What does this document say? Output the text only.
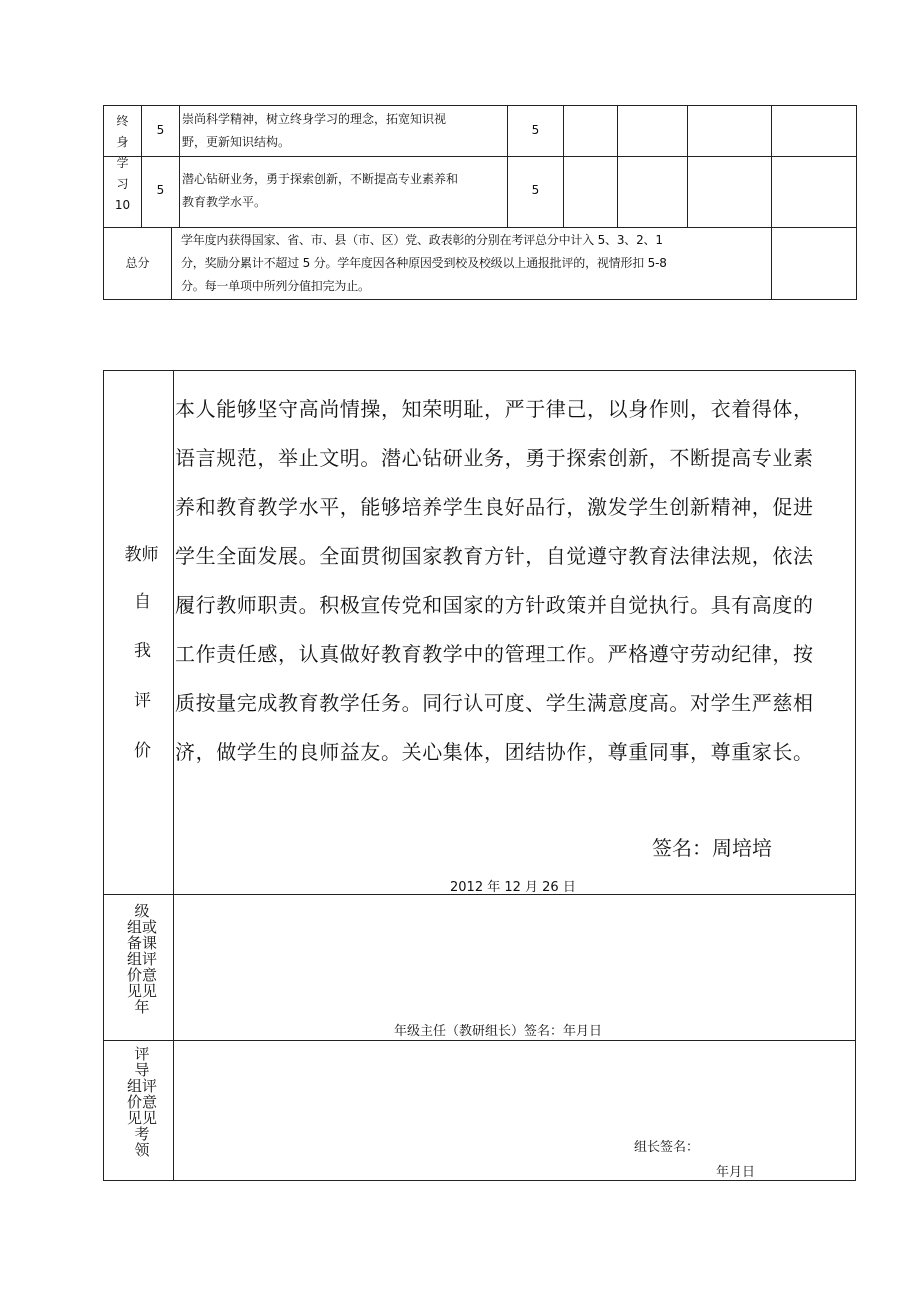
终
身
学
习
10
5
崇尚科学精神，树立终身学习的理念，拓宽知识视
野，更新知识结构。
5
5
潜心钻研业务，勇于探索创新，不断提高专业素养和
教育教学水平。
5
总分
学年度内获得国家、省、市、县（市、区）党、政表彰的分别在考评总分中计入 5、3、2、1
分，奖励分累计不超过 5 分。学年度因各种原因受到校及校级以上通报批评的，视情形扣 5-8
分。每一单项中所列分值扣完为止。
教师
自
我
评
价
本人能够坚守高尚情操，知荣明耻，严于律己，以身作则，衣着得体，
语言规范，举止文明。潜心钻研业务，勇于探索创新，不断提高专业素
养和教育教学水平，能够培养学生良好品行，激发学生创新精神，促进
学生全面发展。全面贯彻国家教育方针，自觉遵守教育法律法规，依法
履行教师职责。积极宣传党和国家的方针政策并自觉执行。具有高度的
工作责任感，认真做好教育教学中的管理工作。严格遵守劳动纪律，按
质按量完成教育教学任务。同行认可度、学生满意度高。对学生严慈相
济，做学生的良师益友。关心集体，团结协作，尊重同事，尊重家长。
签名：周培培
2012 年 12 月 26 日
级
组或
备课
组评
价意
见见
年
年级主任（教研组长）签名：年月日
评
导
组评
价意
见见
考
领	组长签名：
年月日
